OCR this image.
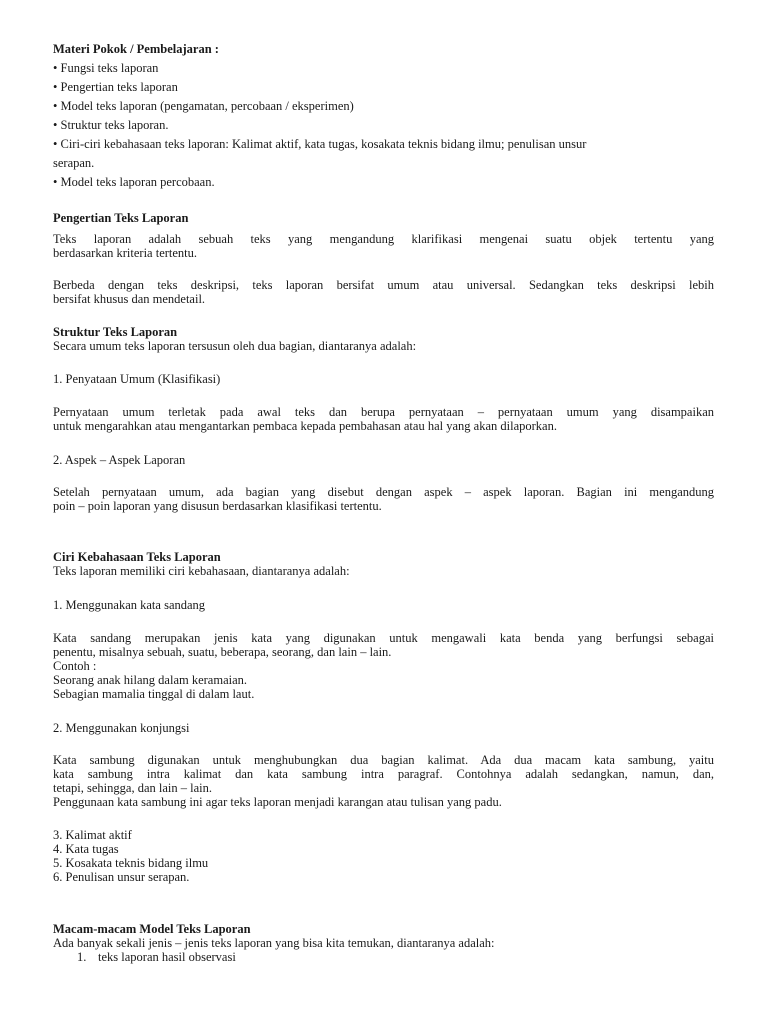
Materi Pokok / Pembelajaran :

• Fungsi teks laporan

• Pengertian teks laporan

• Model teks laporan (pengamatan, percobaan / eksperimen)

• Struktur teks laporan.

• Ciri-ciri kebahasaan teks laporan: Kalimat aktif, kata tugas, kosakata teknis bidang ilmu; penulisan unsur

serapan.

• Model teks laporan percobaan.

Pengertian Teks Laporan

Teks laporan adalah sebuah teks yang mengandung klarifikasi mengenai suatu objek tertentu yang
berdasarkan kriteria tertentu.
Berbeda dengan teks deskripsi, teks laporan bersifat umum atau universal. Sedangkan teks deskripsi lebih
bersifat khusus dan mendetail.

Struktur Teks Laporan

Secara umum teks laporan tersusun oleh dua bagian, diantaranya adalah:

1. Penyataan Umum (Klasifikasi)

Pernyataan umum terletak pada awal teks dan berupa pernyataan – pernyataan umum yang disampaikan
untuk mengarahkan atau mengantarkan pembaca kepada pembahasan atau hal yang akan dilaporkan.

2. Aspek – Aspek Laporan

Setelah pernyataan umum, ada bagian yang disebut dengan aspek – aspek laporan. Bagian ini mengandung
poin – poin laporan yang disusun berdasarkan klasifikasi tertentu.

Ciri Kebahasaan Teks Laporan

Teks laporan memiliki ciri kebahasaan, diantaranya adalah:

1. Menggunakan kata sandang

Kata sandang merupakan jenis kata yang digunakan untuk mengawali kata benda yang berfungsi sebagai
penentu, misalnya sebuah, suatu, beberapa, seorang, dan lain – lain.

Contoh :

Seorang anak hilang dalam keramaian.

Sebagian mamalia tinggal di dalam laut.

2. Menggunakan konjungsi

Kata sambung digunakan untuk menghubungkan dua bagian kalimat. Ada dua macam kata sambung, yaitu
kata sambung intra kalimat dan kata sambung intra paragraf. Contohnya adalah sedangkan, namun, dan,
tetapi, sehingga, dan lain – lain.

Penggunaan kata sambung ini agar teks laporan menjadi karangan atau tulisan yang padu.

3. Kalimat aktif

4. Kata tugas

5. Kosakata teknis bidang ilmu

6. Penulisan unsur serapan.

Macam-macam Model Teks Laporan

Ada banyak sekali jenis – jenis teks laporan yang bisa kita temukan, diantaranya adalah:

1. teks laporan hasil observasi
